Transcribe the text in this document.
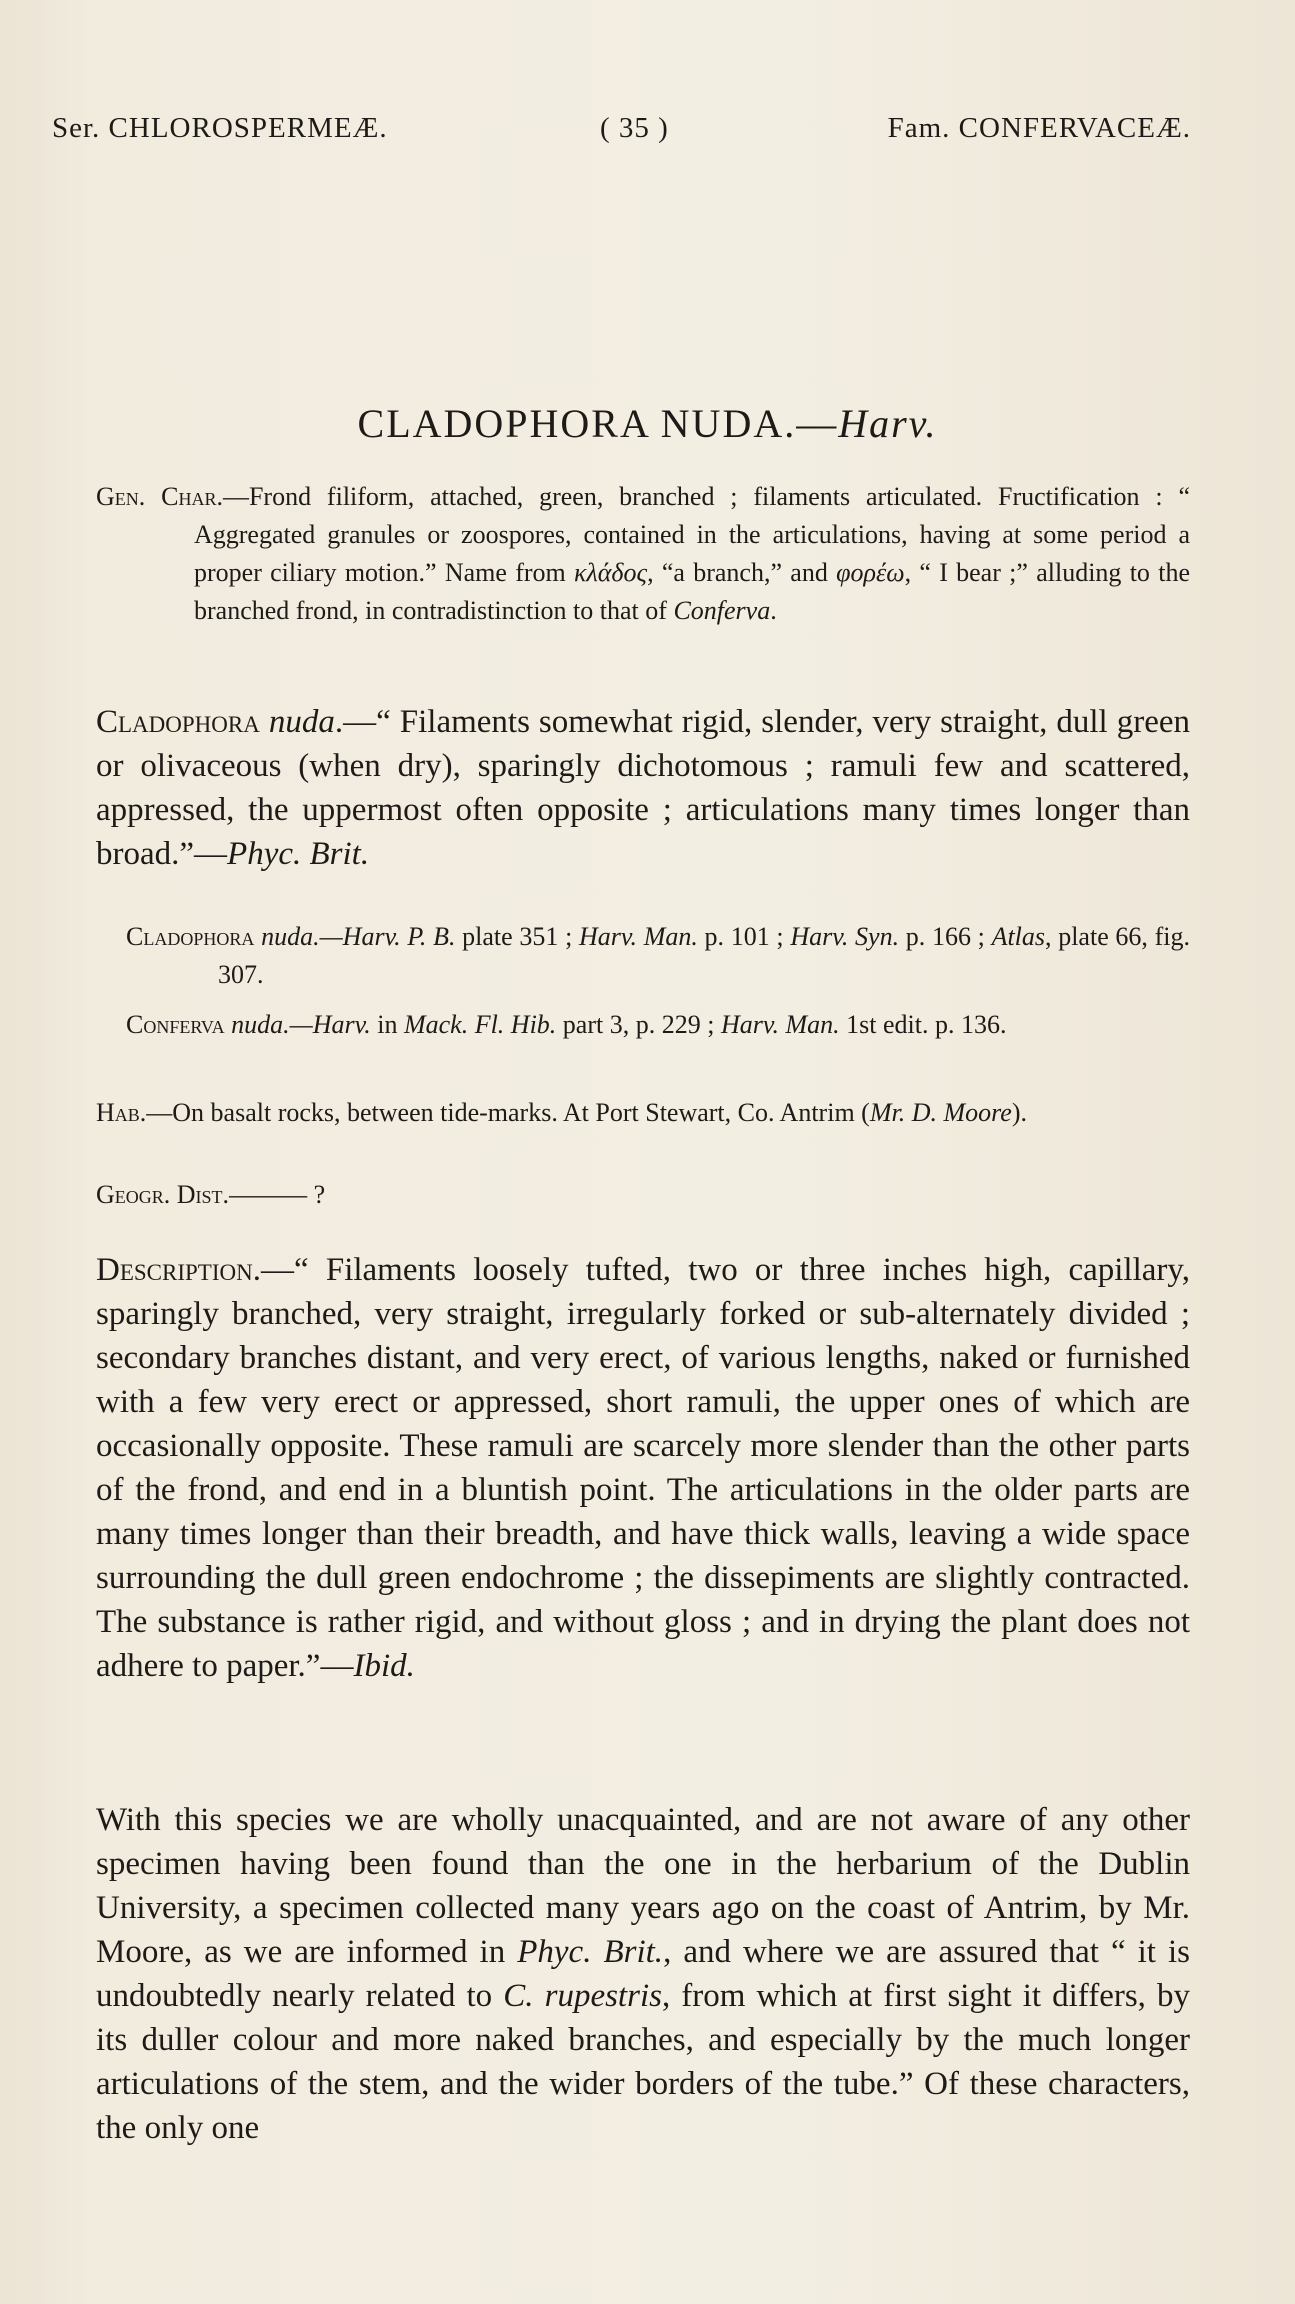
Ser. CHLOROSPERMEÆ.	( 35 )	Fam. CONFERVACEÆ.
CLADOPHORA NUDA.—Harv.

Gen. Char.—Frond filiform, attached, green, branched ; filaments articulated. Fructification : “ Aggregated granules or zoospores, contained in the articulations, having at some period a proper ciliary motion.” Name from κλάδος, “a branch,” and φορέω, “ I bear ;” alluding to the branched frond, in contradistinction to that of Conferva.

Cladophora nuda.—“ Filaments somewhat rigid, slender, very straight, dull green or olivaceous (when dry), sparingly dichotomous ; ramuli few and scattered, appressed, the uppermost often opposite ; articulations many times longer than broad.”—Phyc. Brit.

Cladophora nuda.—Harv. P. B. plate 351 ; Harv. Man. p. 101 ; Harv. Syn. p. 166 ; Atlas, plate 66, fig. 307.

Conferva nuda.—Harv. in Mack. Fl. Hib. part 3, p. 229 ; Harv. Man. 1st edit. p. 136.

Hab.—On basalt rocks, between tide-marks. At Port Stewart, Co. Antrim (Mr. D. Moore).

Geogr. Dist.——— ?

Description.—“ Filaments loosely tufted, two or three inches high, capillary, sparingly branched, very straight, irregularly forked or sub-alternately divided ; secondary branches distant, and very erect, of various lengths, naked or furnished with a few very erect or appressed, short ramuli, the upper ones of which are occasionally opposite. These ramuli are scarcely more slender than the other parts of the frond, and end in a bluntish point. The articulations in the older parts are many times longer than their breadth, and have thick walls, leaving a wide space surrounding the dull green endochrome ; the dissepiments are slightly contracted. The substance is rather rigid, and without gloss ; and in drying the plant does not adhere to paper.”—Ibid.

With this species we are wholly unacquainted, and are not aware of any other specimen having been found than the one in the herbarium of the Dublin University, a specimen collected many years ago on the coast of Antrim, by Mr. Moore, as we are informed in Phyc. Brit., and where we are assured that “ it is undoubtedly nearly related to C. rupestris, from which at first sight it differs, by its duller colour and more naked branches, and especially by the much longer articulations of the stem, and the wider borders of the tube.” Of these characters, the only one
